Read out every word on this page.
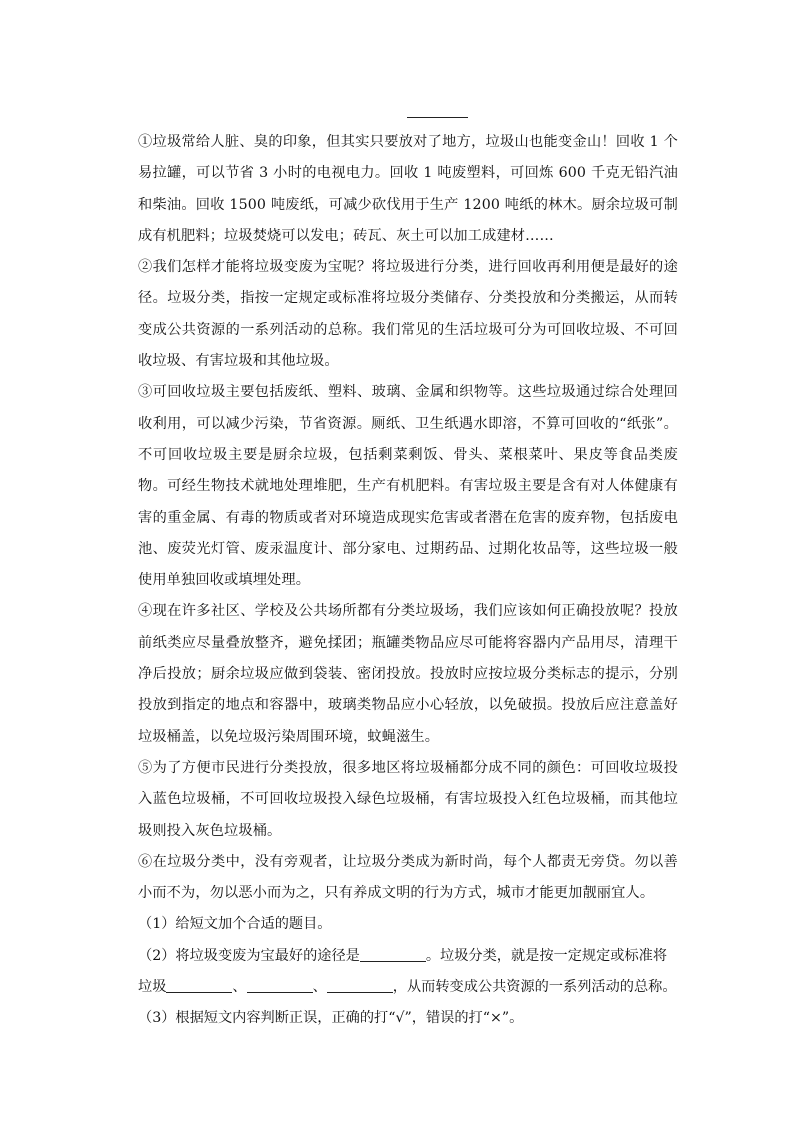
①垃圾常给人脏、臭的印象，但其实只要放对了地方，垃圾山也能变金山！回收 1 个易拉罐，可以节省 3 小时的电视电力。回收 1 吨废塑料，可回炼 600 千克无铅汽油和柴油。回收 1500 吨废纸，可减少砍伐用于生产 1200 吨纸的林木。厨余垃圾可制成有机肥料；垃圾焚烧可以发电；砖瓦、灰土可以加工成建材……

②我们怎样才能将垃圾变废为宝呢？将垃圾进行分类，进行回收再利用便是最好的途径。垃圾分类，指按一定规定或标准将垃圾分类储存、分类投放和分类搬运，从而转变成公共资源的一系列活动的总称。我们常见的生活垃圾可分为可回收垃圾、不可回收垃圾、有害垃圾和其他垃圾。

③可回收垃圾主要包括废纸、塑料、玻璃、金属和织物等。这些垃圾通过综合处理回收利用，可以减少污染，节省资源。厕纸、卫生纸遇水即溶，不算可回收的“纸张”。不可回收垃圾主要是厨余垃圾，包括剩菜剩饭、骨头、菜根菜叶、果皮等食品类废物。可经生物技术就地处理堆肥，生产有机肥料。有害垃圾主要是含有对人体健康有害的重金属、有毒的物质或者对环境造成现实危害或者潜在危害的废弃物，包括废电池、废荧光灯管、废汞温度计、部分家电、过期药品、过期化妆品等，这些垃圾一般使用单独回收或填埋处理。

④现在许多社区、学校及公共场所都有分类垃圾场，我们应该如何正确投放呢？投放前纸类应尽量叠放整齐，避免揉团；瓶罐类物品应尽可能将容器内产品用尽，清理干净后投放；厨余垃圾应做到袋装、密闭投放。投放时应按垃圾分类标志的提示，分别投放到指定的地点和容器中，玻璃类物品应小心轻放，以免破损。投放后应注意盖好垃圾桶盖，以免垃圾污染周围环境，蚊蝇滋生。

⑤为了方便市民进行分类投放，很多地区将垃圾桶都分成不同的颜色：可回收垃圾投入蓝色垃圾桶，不可回收垃圾投入绿色垃圾桶，有害垃圾投入红色垃圾桶，而其他垃圾则投入灰色垃圾桶。

⑥在垃圾分类中，没有旁观者，让垃圾分类成为新时尚，每个人都责无旁贷。勿以善小而不为，勿以恶小而为之，只有养成文明的行为方式，城市才能更加靓丽宜人。

（1）给短文加个合适的题目。

（2）将垃圾变废为宝最好的途径是	。垃圾分类，就是按一定规定或标准将垃圾	、	、	，从而转变成公共资源的一系列活动的总称。

（3）根据短文内容判断正误，正确的打“√”，错误的打“×”。
